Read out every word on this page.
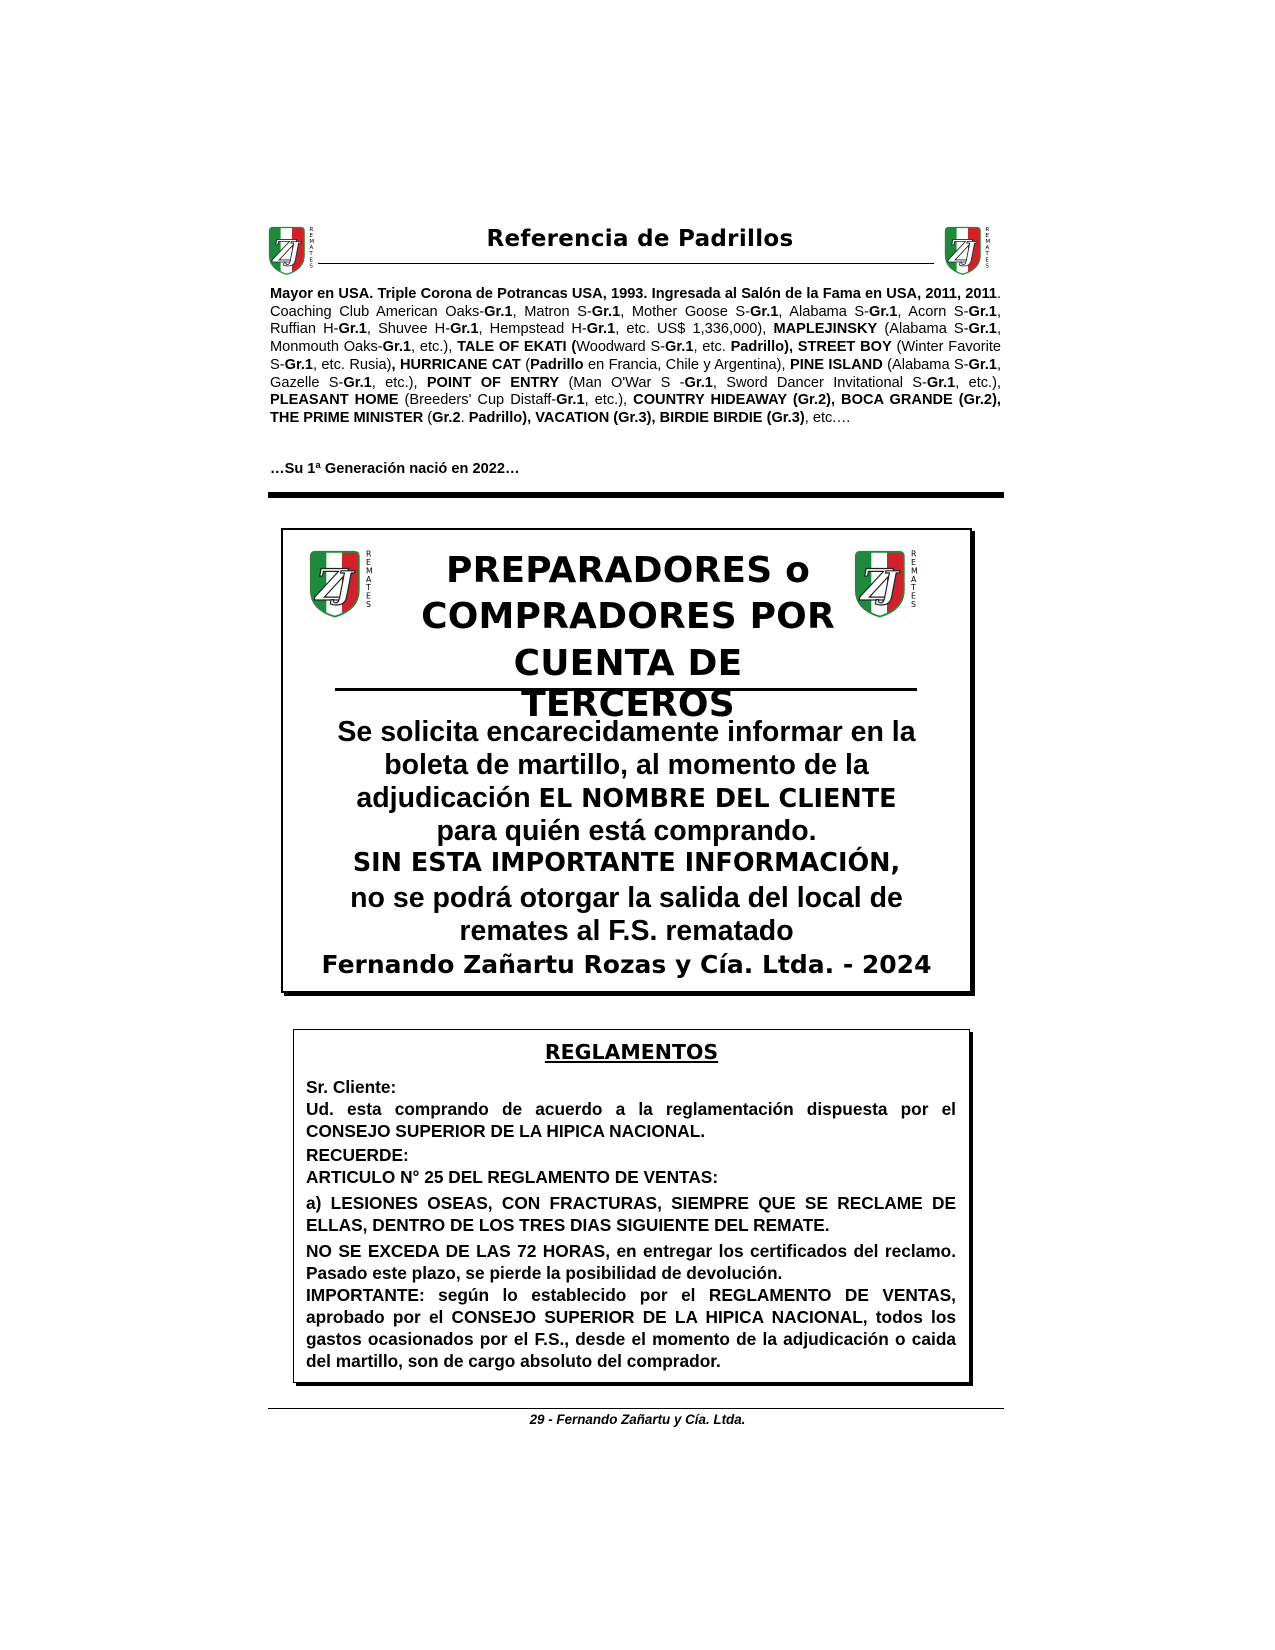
Referencia de Padrillos
Mayor en USA. Triple Corona de Potrancas USA, 1993. Ingresada al Salón de la Fama en USA, 2011, 2011. Coaching Club American Oaks-Gr.1, Matron S-Gr.1, Mother Goose S-Gr.1, Alabama S-Gr.1, Acorn S-Gr.1, Ruffian H-Gr.1, Shuvee H-Gr.1, Hempstead H-Gr.1, etc. US$ 1,336,000), MAPLEJINSKY (Alabama S-Gr.1, Monmouth Oaks-Gr.1, etc.), TALE OF EKATI (Woodward S-Gr.1, etc. Padrillo), STREET BOY (Winter Favorite S-Gr.1, etc. Rusia), HURRICANE CAT (Padrillo en Francia, Chile y Argentina), PINE ISLAND (Alabama S-Gr.1, Gazelle S-Gr.1, etc.), POINT OF ENTRY (Man O'War S -Gr.1, Sword Dancer Invitational S-Gr.1, etc.), PLEASANT HOME (Breeders' Cup Distaff-Gr.1, etc.), COUNTRY HIDEAWAY (Gr.2), BOCA GRANDE (Gr.2), THE PRIME MINISTER (Gr.2. Padrillo), VACATION (Gr.3), BIRDIE BIRDIE (Gr.3), etc.…
…Su 1ª Generación nació en 2022…
PREPARADORES o
COMPRADORES POR
CUENTA DE TERCEROS
Se solicita encarecidamente informar en la
boleta de martillo, al momento de la
adjudicación EL NOMBRE DEL CLIENTE
para quién está comprando.
SIN ESTA IMPORTANTE INFORMACIÓN,
no se podrá otorgar la salida del local de
remates al F.S. rematado
Fernando Zañartu Rozas y Cía. Ltda. - 2024
REGLAMENTOS
Sr. Cliente:
Ud. esta comprando de acuerdo a la reglamentación dispuesta por el CONSEJO SUPERIOR DE LA HIPICA NACIONAL.
RECUERDE:
ARTICULO N° 25 DEL REGLAMENTO DE VENTAS:
a) LESIONES OSEAS, CON FRACTURAS, SIEMPRE QUE SE RECLAME DE ELLAS, DENTRO DE LOS TRES DIAS SIGUIENTE DEL REMATE.
NO SE EXCEDA DE LAS 72 HORAS, en entregar los certificados del reclamo. Pasado este plazo, se pierde la posibilidad de devolución.
IMPORTANTE: según lo establecido por el REGLAMENTO DE VENTAS, aprobado por el CONSEJO SUPERIOR DE LA HIPICA NACIONAL, todos los gastos ocasionados por el F.S., desde el momento de la adjudicación o caida del martillo, son de cargo absoluto del comprador.
29 - Fernando Zañartu y Cía. Ltda.
